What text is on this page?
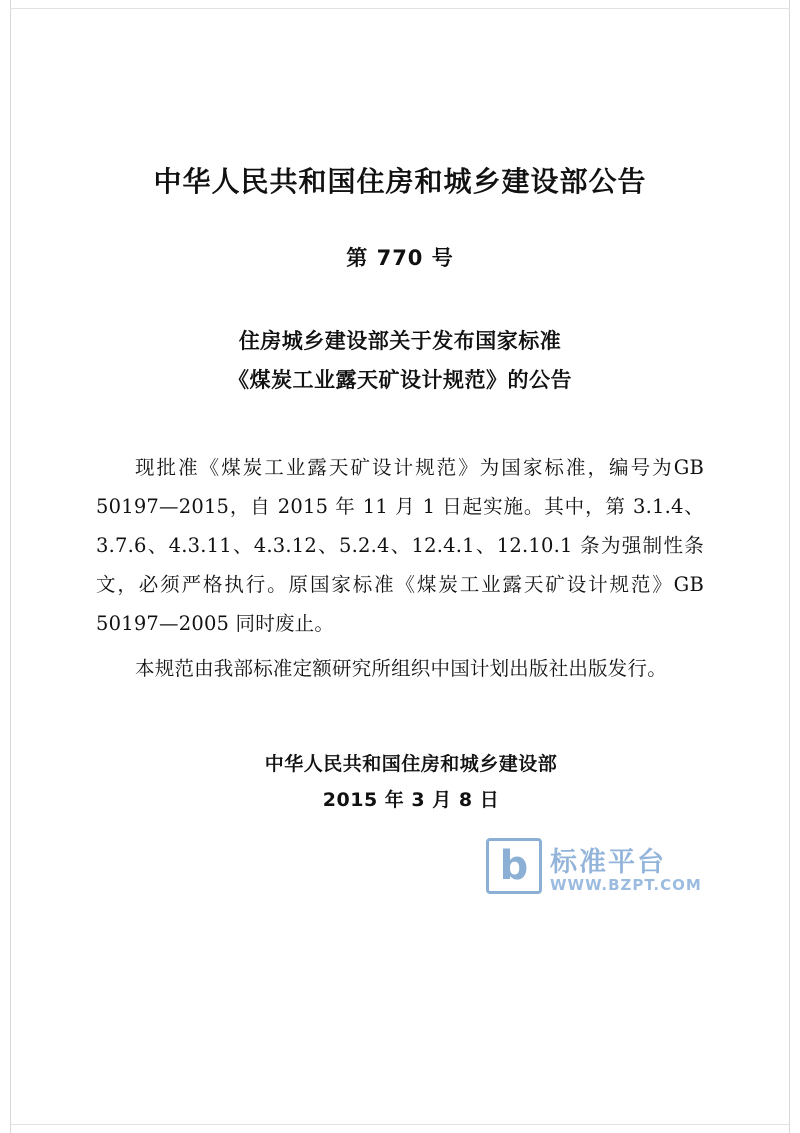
中华人民共和国住房和城乡建设部公告
第 770 号
住房城乡建设部关于发布国家标准
《煤炭工业露天矿设计规范》的公告

现批准《煤炭工业露天矿设计规范》为国家标准，编号为GB 50197—2015，自 2015 年 11 月 1 日起实施。其中，第 3.1.4、3.7.6、4.3.11、4.3.12、5.2.4、12.4.1、12.10.1 条为强制性条文，必须严格执行。原国家标准《煤炭工业露天矿设计规范》GB 50197—2005 同时废止。

本规范由我部标准定额研究所组织中国计划出版社出版发行。

中华人民共和国住房和城乡建设部
2015 年 3 月 8 日
b 标准平台
WWW.BZPT.COM
